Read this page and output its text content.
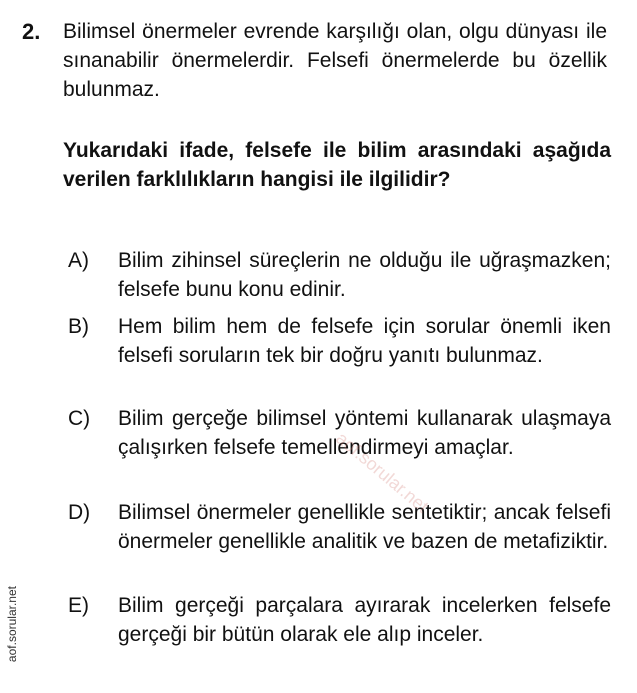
2. Bilimsel önermeler evrende karşılığı olan, olgu dünyası ile sınanabilir önermelerdir. Felsefi önermelerde bu özellik bulunmaz.
Yukarıdaki ifade, felsefe ile bilim arasındaki aşağıda verilen farklılıkların hangisi ile ilgilidir?
A)	Bilim zihinsel süreçlerin ne olduğu ile uğraşmazken; felsefe bunu konu edinir.
B)	Hem bilim hem de felsefe için sorular önemli iken felsefi soruların tek bir doğru yanıtı bulunmaz.
C)	Bilim gerçeğe bilimsel yöntemi kullanarak ulaşmaya çalışırken felsefe temellendirmeyi amaçlar.
D)	Bilimsel önermeler genellikle sentetiktir; ancak felsefi önermeler genellikle analitik ve bazen de metafiziktir.
E)	Bilim gerçeği parçalara ayırarak incelerken felsefe gerçeği bir bütün olarak ele alıp inceler.
aof.sorular.net
aof.sorular.net
